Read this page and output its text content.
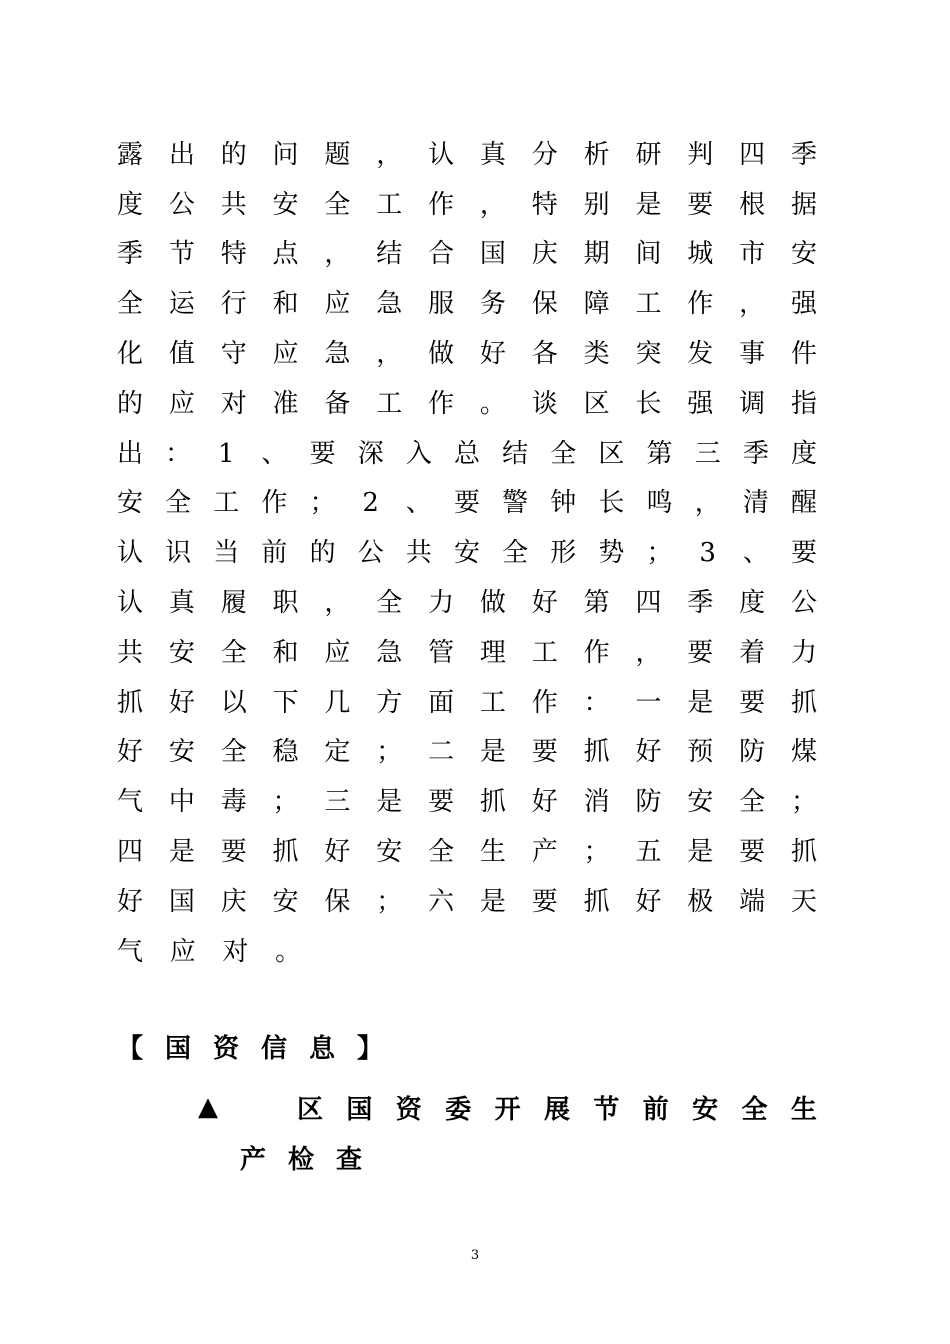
露 出 的 问 题 ， 认 真 分 析 研 判 四 季
度 公 共 安 全 工 作 ， 特 别 是 要 根 据
季 节 特 点 ， 结 合 国 庆 期 间 城 市 安
全 运 行 和 应 急 服 务 保 障 工 作 ， 强
化 值 守 应 急 ， 做 好 各 类 突 发 事 件
的 应 对 准 备 工 作 。 谈 区 长 强 调 指
出 ： 1 、 要 深 入 总 结 全 区 第 三 季 度
安 全 工 作 ； 2 、 要 警 钟 长 鸣 ， 清 醒
认 识 当 前 的 公 共 安 全 形 势 ； 3 、 要
认 真 履 职 ， 全 力 做 好 第 四 季 度 公
共 安 全 和 应 急 管 理 工 作 ， 要 着 力
抓 好 以 下 几 方 面 工 作 ： 一 是 要 抓
好 安 全 稳 定 ； 二 是 要 抓 好 预 防 煤
气 中 毒 ； 三 是 要 抓 好 消 防 安 全 ；
四 是 要 抓 好 安 全 生 产 ； 五 是 要 抓
好 国 庆 安 保 ； 六 是 要 抓 好 极 端 天
气 应 对 。
【 国 资 信 息 】
▲	区 国 资 委 开 展 节 前 安 全 生
产 检 查
3
